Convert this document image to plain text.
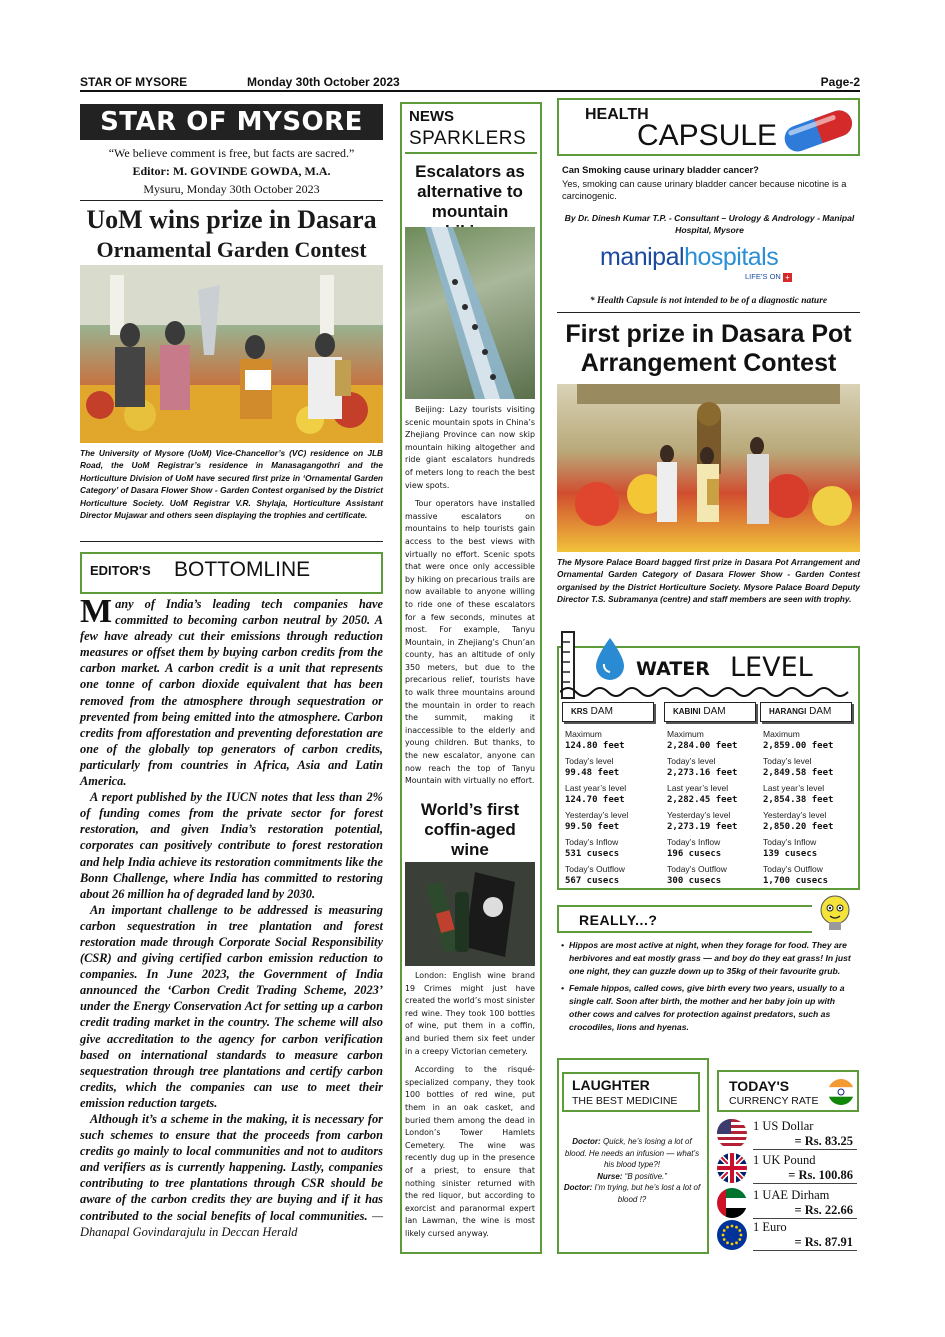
STAR OF MYSORE	Monday 30th October 2023	Page-2
STAR OF MYSORE
“We believe comment is free, but facts are sacred.”
Editor: M. GOVINDE GOWDA, M.A.
Mysuru, Monday 30th October 2023
UoM wins prize in Dasara
Ornamental Garden Contest
The University of Mysore (UoM) Vice-Chancellor’s (VC) residence on JLB Road, the UoM Registrar’s residence in Manasagangothri and the Horticulture Division of UoM have secured first prize in ‘Ornamental Garden Category’ of Dasara Flower Show - Garden Contest organised by the District Horticulture Society. UoM Registrar V.R. Shylaja, Horticulture Assistant Director Mujawar and others seen displaying the trophies and certificate.
EDITOR'S BOTTOMLINE

Many of India’s leading tech companies have committed to becoming carbon neutral by 2050. A few have already cut their emissions through reduction measures or offset them by buying carbon credits from the carbon market. A carbon credit is a unit that represents one tonne of carbon dioxide equivalent that has been removed from the atmosphere through sequestration or prevented from being emitted into the atmosphere. Carbon credits from afforestation and preventing deforestation are one of the globally top generators of carbon credits, particularly from countries in Africa, Asia and Latin America.

A report published by the IUCN notes that less than 2% of funding comes from the private sector for forest restoration, and given India’s restoration potential, corporates can positively contribute to forest restoration and help India achieve its restoration commitments like the Bonn Challenge, where India has committed to restoring about 26 million ha of degraded land by 2030.

An important challenge to be addressed is measuring carbon sequestration in tree plantation and forest restoration made through Corporate Social Responsibility (CSR) and giving certified carbon emission reduction to companies. In June 2023, the Government of India announced the ‘Carbon Credit Trading Scheme, 2023’ under the Energy Conservation Act for setting up a carbon credit trading market in the country. The scheme will also give accreditation to the agency for carbon verification based on international standards to measure carbon sequestration through tree plantations and certify carbon credits, which the companies can use to meet their emission reduction targets.

Although it’s a scheme in the making, it is necessary for such schemes to ensure that the proceeds from carbon credits go mainly to local communities and not to auditors and verifiers as is currently happening. Lastly, companies contributing to tree plantations through CSR should be aware of the carbon credits they are buying and if it has contributed to the social benefits of local communities. — Dhanapal Govindarajulu in Deccan Herald

NEWS
SPARKLERS
Escalators as alternative to mountain

Beijing: Lazy tourists visiting scenic mountain spots in China’s Zhejiang Province can now skip mountain hiking altogether and ride giant escalators hundreds of meters long to reach the best view spots.

Tour operators have installed massive escalators on mountains to help tourists gain access to the best views with virtually no effort. Scenic spots that were once only accessible by hiking on precarious trails are now available to anyone willing to ride one of these escalators for a few seconds, minutes at most. For example, Tanyu Mountain, in Zhejiang’s Chun’an county, has an altitude of only 350 meters, but due to the precarious relief, tourists have to walk three mountains around the mountain in order to reach the summit, making it inaccessible to the elderly and young children. But thanks, to the new escalator, anyone can now reach the top of Tanyu Mountain with virtually no effort.

World’s first coffin-aged wine

London: English wine brand 19 Crimes might just have created the world’s most sinister red wine. They took 100 bottles of wine, put them in a coffin, and buried them six feet under in a creepy Victorian cemetery.

According to the risqué-specialized company, they took 100 bottles of red wine, put them in an oak casket, and buried them among the dead in London’s Tower Hamlets Cemetery. The wine was recently dug up in the presence of a priest, to ensure that nothing sinister returned with the red liquor, but according to exorcist and paranormal expert Ian Lawman, the wine is most likely cursed anyway.

HEALTH
CAPSULE
Can Smoking cause urinary bladder cancer?
Yes, smoking can cause urinary bladder cancer because nicotine is a carcinogenic.
By Dr. Dinesh Kumar T.P. - Consultant – Urology & Andrology - Manipal Hospital, Mysore
manipalhospitals
LIFE’S ON +
* Health Capsule is not intended to be of a diagnostic nature
First prize in Dasara Pot Arrangement Contest
The Mysore Palace Board bagged first prize in Dasara Pot Arrangement and Ornamental Garden Category of Dasara Flower Show - Garden Contest organised by the District Horticulture Society. Mysore Palace Board Deputy Director T.S. Subramanya (centre) and staff members are seen with trophy.
WATER LEVEL
KRS DAM
Maximum
124.80 feet
Today’s level
99.48 feet
Last year’s level
124.70 feet
Yesterday’s level
99.50 feet
Today’s Inflow
531 cusecs
Today’s Outflow
567 cusecs
KABINI DAM
Maximum
2,284.00 feet
Today’s level
2,273.16 feet
Last year’s level
2,282.45 feet
Yesterday’s level
2,273.19 feet
Today’s Inflow
196 cusecs
Today’s Outflow
300 cusecs
HARANGI DAM
Maximum
2,859.00 feet
Today’s level
2,849.58 feet
Last year’s level
2,854.38 feet
Yesterday’s level
2,850.20 feet
Today’s Inflow
139 cusecs
Today’s Outflow
1,700 cusecs
REALLY...?
• Hippos are most active at night, when they forage for food. They are herbivores and eat mostly grass — and boy do they eat grass! In just one night, they can guzzle down up to 35kg of their favourite grub.
• Female hippos, called cows, give birth every two years, usually to a single calf. Soon after birth, the mother and her baby join up with other cows and calves for protection against predators, such as crocodiles, lions and hyenas.
LAUGHTER
THE BEST MEDICINE
Doctor: Quick, he’s losing a lot of blood. He needs an infusion — what’s his blood type?!
Nurse: “B positive.”
Doctor: I’m trying, but he’s lost a lot of blood !?
TODAY'S
CURRENCY RATE
1 US Dollar
= Rs. 83.25
1 UK Pound
= Rs. 100.86
1 UAE Dirham
= Rs. 22.66
1 Euro
= Rs. 87.91
